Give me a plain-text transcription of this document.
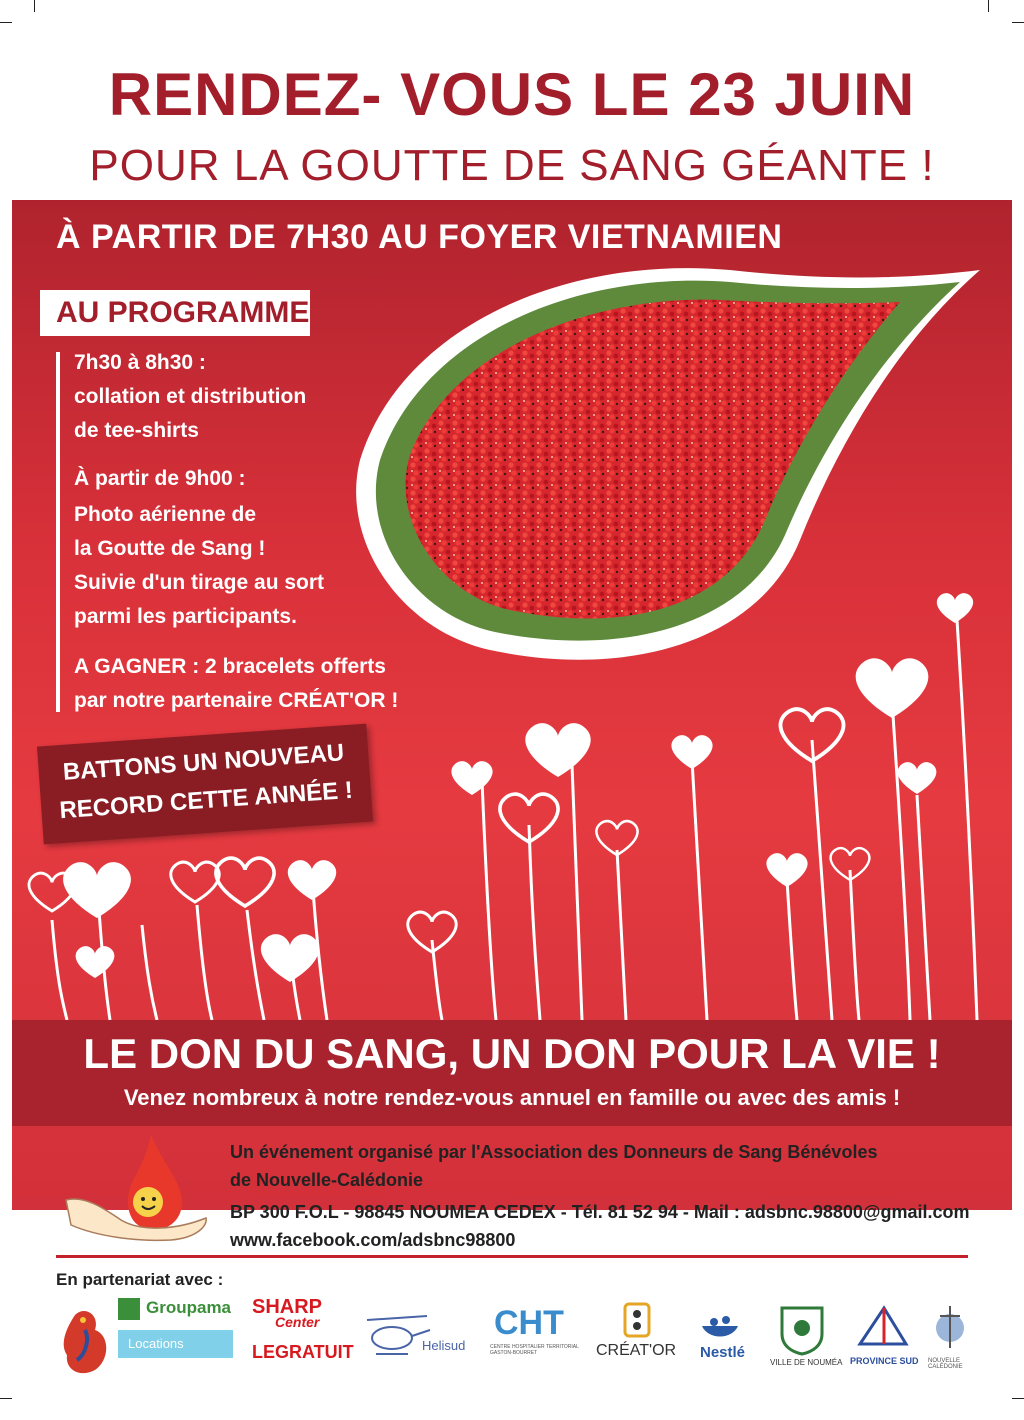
RENDEZ- VOUS LE 23 JUIN
POUR LA GOUTTE DE SANG GÉANTE !
À PARTIR DE 7H30 AU FOYER VIETNAMIEN
AU PROGRAMME
7h30 à 8h30 :
collation et distribution
de tee-shirts
À partir de 9h00 :
Photo aérienne de
la Goutte de Sang !
Suivie d'un tirage au sort
parmi les participants.
A GAGNER : 2 bracelets offerts
par notre partenaire CRÉAT'OR !
BATTONS UN NOUVEAU
RECORD CETTE ANNÉE !
LE DON DU SANG, UN DON POUR LA VIE !
Venez nombreux à notre rendez-vous annuel en famille ou avec des amis !
Un événement organisé par l'Association des Donneurs de Sang Bénévoles
de Nouvelle-Calédonie
BP 300 F.O.L - 98845 NOUMEA CEDEX - Tél. 81 52 94 - Mail : adsbnc.98800@gmail.com
www.facebook.com/adsbnc98800
En partenariat avec :
Groupama
Locations
SHARP
Center
LEGRATUIT	Helisud
CHT
CENTRE HOSPITALIER TERRITORIAL GASTON-BOURRET	CRÉAT'OR Nestlé
VILLE DE NOUMÉA PROVINCE SUD NOUVELLE CALÉDONIE
